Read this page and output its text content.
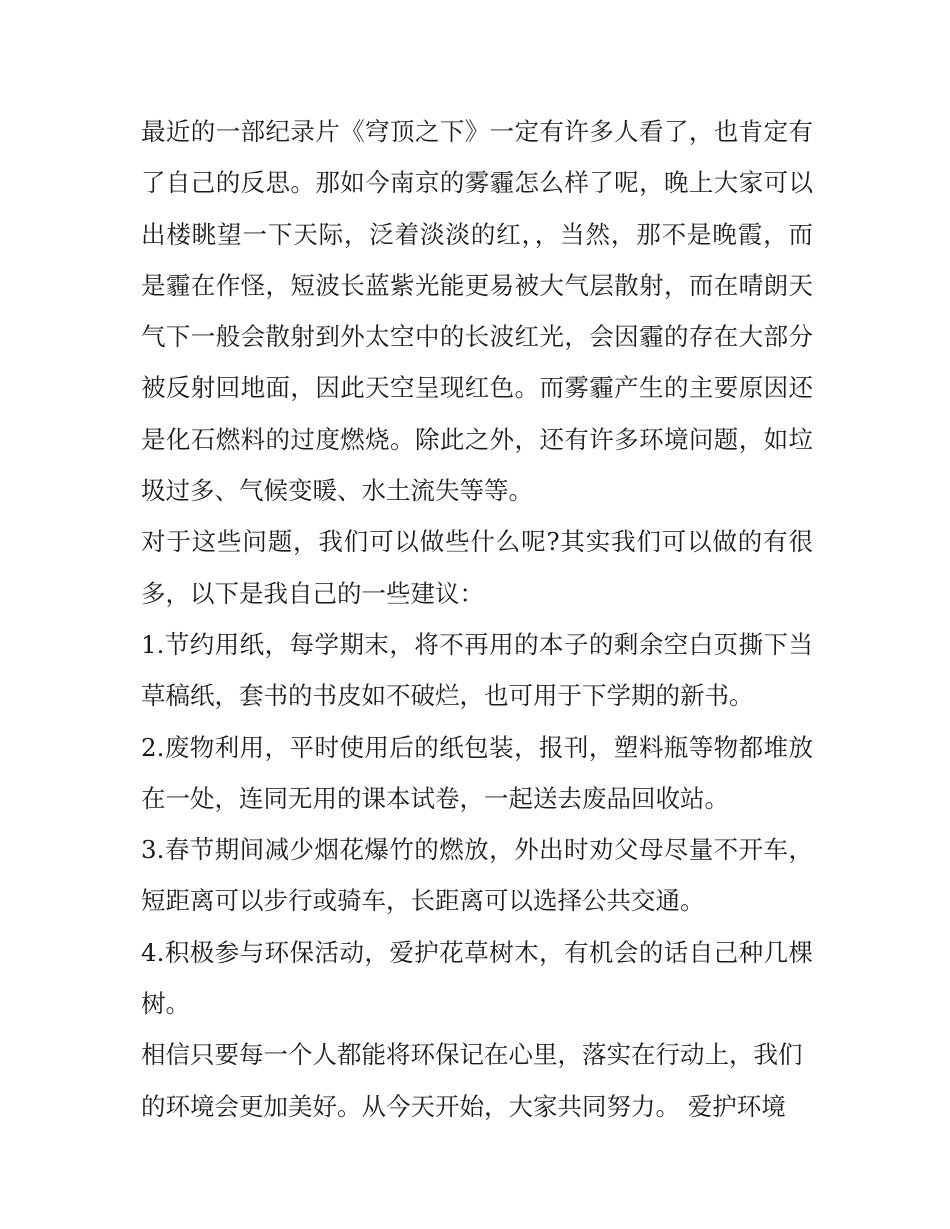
最近的一部纪录片《穹顶之下》一定有许多人看了，也肯定有了自己的反思。那如今南京的雾霾怎么样了呢，晚上大家可以出楼眺望一下天际，泛着淡淡的红，，当然，那不是晚霞，而是霾在作怪，短波长蓝紫光能更易被大气层散射，而在晴朗天气下一般会散射到外太空中的长波红光，会因霾的存在大部分被反射回地面，因此天空呈现红色。而雾霾产生的主要原因还是化石燃料的过度燃烧。除此之外，还有许多环境问题，如垃圾过多、气候变暖、水土流失等等。

对于这些问题，我们可以做些什么呢?其实我们可以做的有很多，以下是我自己的一些建议：

1.节约用纸，每学期末，将不再用的本子的剩余空白页撕下当草稿纸，套书的书皮如不破烂，也可用于下学期的新书。

2.废物利用，平时使用后的纸包装，报刊，塑料瓶等物都堆放在一处，连同无用的课本试卷，一起送去废品回收站。

3.春节期间减少烟花爆竹的燃放，外出时劝父母尽量不开车，短距离可以步行或骑车，长距离可以选择公共交通。

4.积极参与环保活动，爱护花草树木，有机会的话自己种几棵树。

相信只要每一个人都能将环保记在心里，落实在行动上，我们的环境会更加美好。从今天开始，大家共同努力。 爱护环境
